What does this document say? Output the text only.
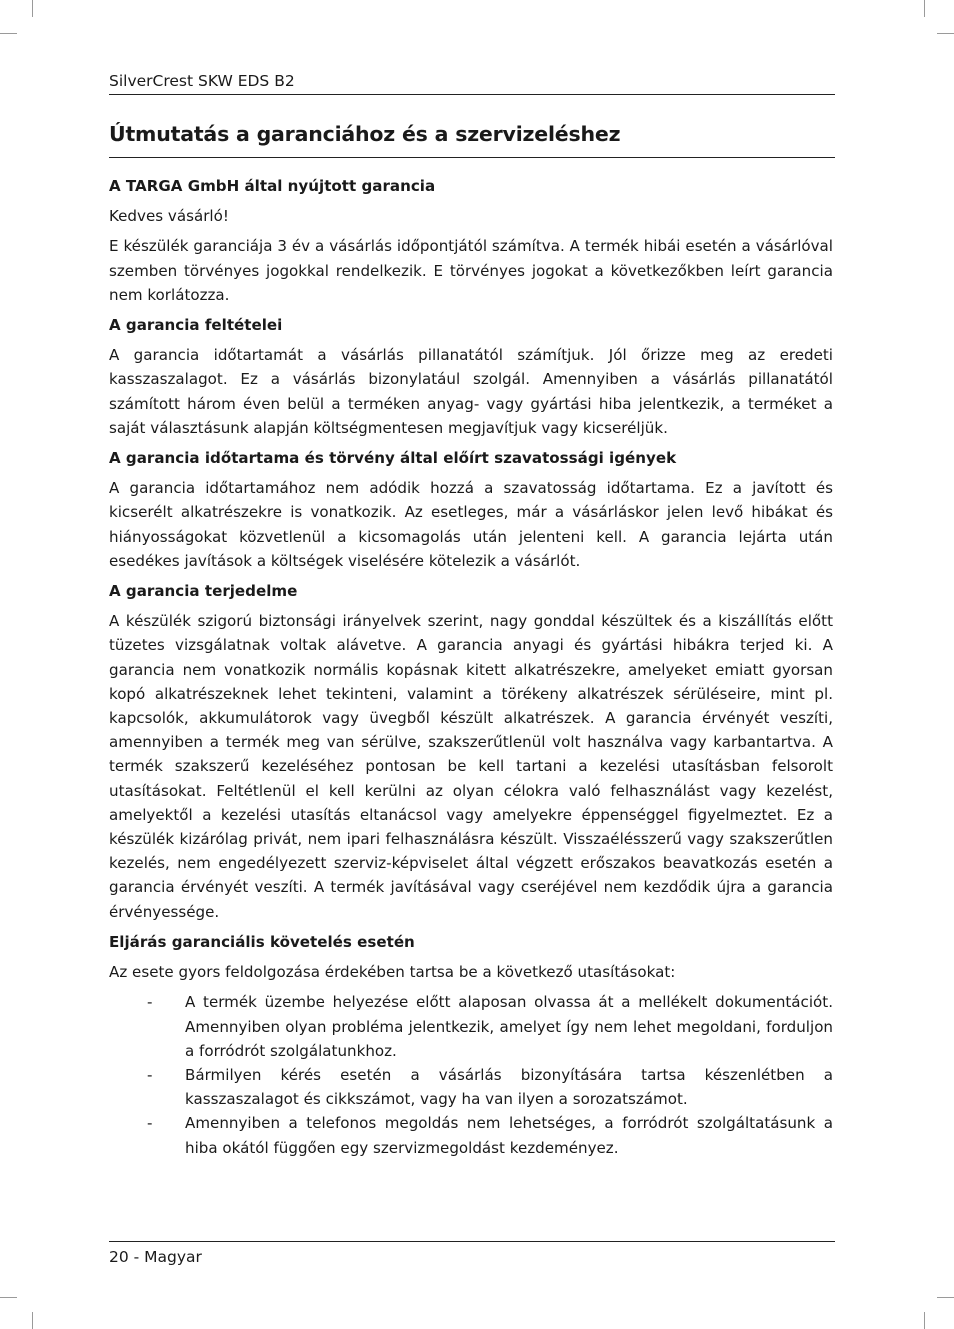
SilverCrest SKW EDS B2
Útmutatás a garanciához és a szervizeléshez
A TARGA GmbH által nyújtott garancia

Kedves vásárló!

E készülék garanciája 3 év a vásárlás időpontjától számítva. A termék hibái esetén a vásárlóval szemben törvényes jogokkal rendelkezik. E törvényes jogokat a következőkben leírt garancia nem korlátozza.

A garancia feltételei

A garancia időtartamát a vásárlás pillanatától számítjuk. Jól őrizze meg az eredeti kasszaszalagot. Ez a vásárlás bizonylatául szolgál. Amennyiben a vásárlás pillanatától számított három éven belül a terméken anyag- vagy gyártási hiba jelentkezik, a terméket a saját választásunk alapján költségmentesen megjavítjuk vagy kicseréljük.

A garancia időtartama és törvény által előírt szavatossági igények

A garancia időtartamához nem adódik hozzá a szavatosság időtartama. Ez a javított és kicserélt alkatrészekre is vonatkozik. Az esetleges, már a vásárláskor jelen levő hibákat és hiányosságokat közvetlenül a kicsomagolás után jelenteni kell. A garancia lejárta után esedékes javítások a költségek viselésére kötelezik a vásárlót.

A garancia terjedelme

A készülék szigorú biztonsági irányelvek szerint, nagy gonddal készültek és a kiszállítás előtt tüzetes vizsgálatnak voltak alávetve. A garancia anyagi és gyártási hibákra terjed ki. A garancia nem vonatkozik normális kopásnak kitett alkatrészekre, amelyeket emiatt gyorsan kopó alkatrészeknek lehet tekinteni, valamint a törékeny alkatrészek sérüléseire, mint pl. kapcsolók, akkumulátorok vagy üvegből készült alkatrészek. A garancia érvényét veszíti, amennyiben a termék meg van sérülve, szakszerűtlenül volt használva vagy karbantartva. A termék szakszerű kezeléséhez pontosan be kell tartani a kezelési utasításban felsorolt utasításokat. Feltétlenül el kell kerülni az olyan célokra való felhasználást vagy kezelést, amelyektől a kezelési utasítás eltanácsol vagy amelyekre éppenséggel figyelmeztet. Ez a készülék kizárólag privát, nem ipari felhasználásra készült. Visszaélésszerű vagy szakszerűtlen kezelés, nem engedélyezett szerviz-képviselet által végzett erőszakos beavatkozás esetén a garancia érvényét veszíti. A termék javításával vagy cseréjével nem kezdődik újra a garancia érvényessége.

Eljárás garanciális követelés esetén

Az esete gyors feldolgozása érdekében tartsa be a következő utasításokat:

- A termék üzembe helyezése előtt alaposan olvassa át a mellékelt dokumentációt. Amennyiben olyan probléma jelentkezik, amelyet így nem lehet megoldani, forduljon a forródrót szolgálatunkhoz.
- Bármilyen kérés esetén a vásárlás bizonyítására tartsa készenlétben a kasszaszalagot és cikkszámot, vagy ha van ilyen a sorozatszámot.
- Amennyiben a telefonos megoldás nem lehetséges, a forródrót szolgáltatásunk a hiba okától függően egy szervizmegoldást kezdeményez.
20 - Magyar
